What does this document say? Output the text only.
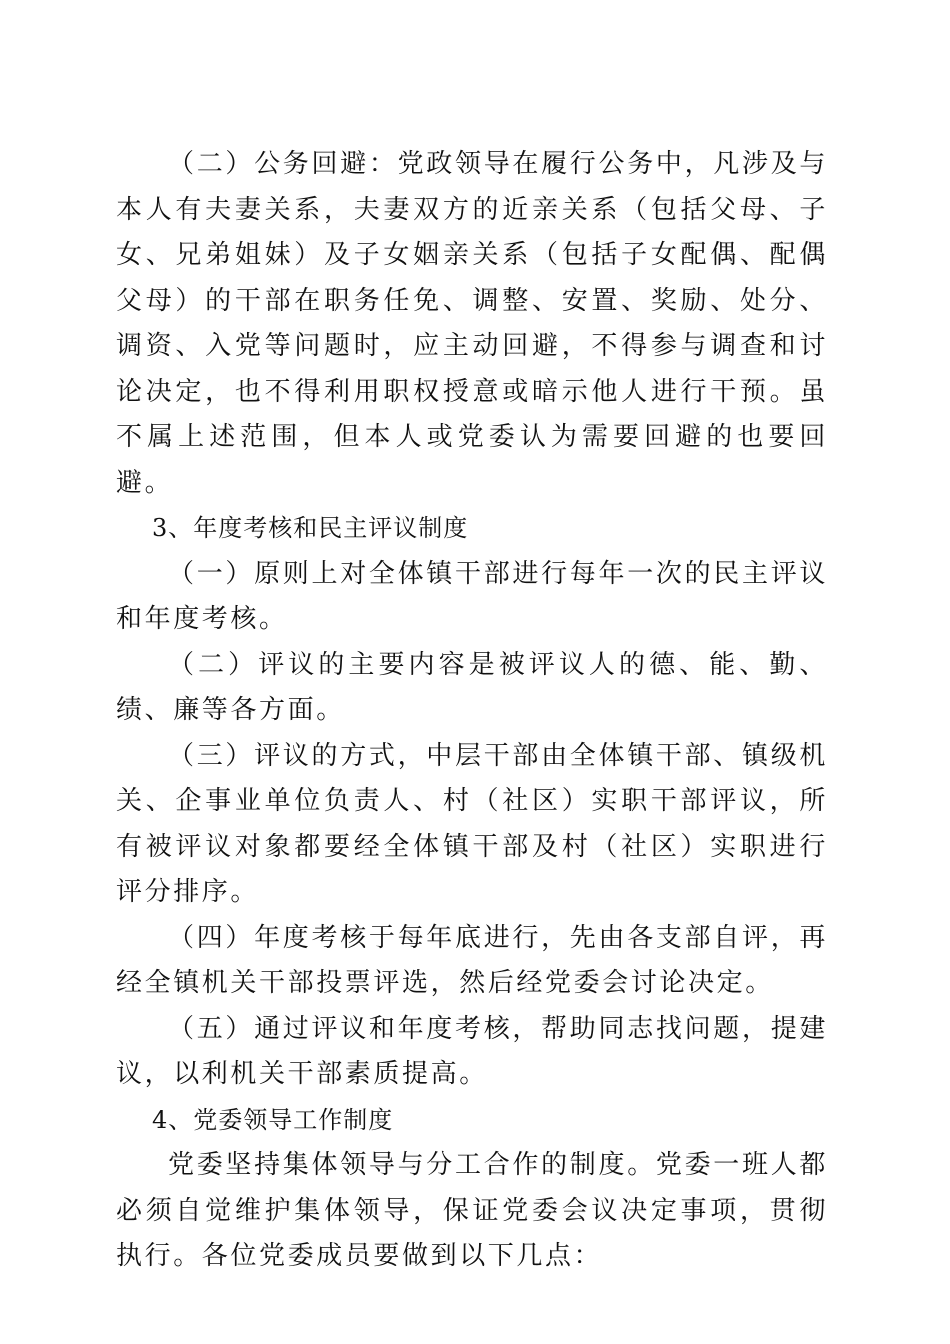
（二）公务回避：党政领导在履行公务中，凡涉及与本人有夫妻关系，夫妻双方的近亲关系（包括父母、子女、兄弟姐妹）及子女姻亲关系（包括子女配偶、配偶父母）的干部在职务任免、调整、安置、奖励、处分、调资、入党等问题时，应主动回避，不得参与调查和讨论决定，也不得利用职权授意或暗示他人进行干预。虽不属上述范围，但本人或党委认为需要回避的也要回避。

3、年度考核和民主评议制度

（一）原则上对全体镇干部进行每年一次的民主评议和年度考核。

（二）评议的主要内容是被评议人的德、能、勤、绩、廉等各方面。

（三）评议的方式，中层干部由全体镇干部、镇级机关、企事业单位负责人、村（社区）实职干部评议，所有被评议对象都要经全体镇干部及村（社区）实职进行评分排序。

（四）年度考核于每年底进行，先由各支部自评，再经全镇机关干部投票评选，然后经党委会讨论决定。

（五）通过评议和年度考核，帮助同志找问题，提建议，以利机关干部素质提高。

4、党委领导工作制度

党委坚持集体领导与分工合作的制度。党委一班人都必须自觉维护集体领导，保证党委会议决定事项，贯彻执行。各位党委成员要做到以下几点：
